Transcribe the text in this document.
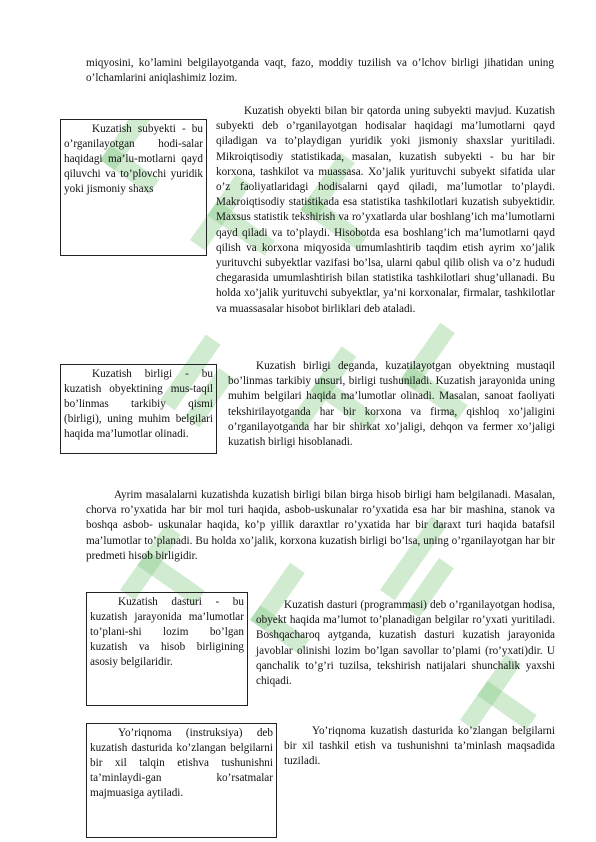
miqyosini, ko’lamini belgilayotganda vaqt, fazo, moddiy tuzilish va o’lchov birligi jihatidan uning o’lchamlarini aniqlashimiz lozim.

Kuzatish subyekti - bu o’rganilayotgan hodi-salar haqidagi ma’lu-motlarni qayd qiluvchi va to’plovchi yuridik yoki jismoniy shaxs

Kuzatish obyekti bilan bir qatorda uning subyekti mavjud. Kuzatish subyekti deb o’rganilayotgan hodisalar haqidagi ma’lumotlarni qayd qiladigan va to’playdigan yuridik yoki jismoniy shaxslar yuritiladi. Mikroiqtisodiy statistikada, masalan, kuzatish subyekti - bu har bir korxona, tashkilot va muassasa. Xo’jalik yurituvchi subyekt sifatida ular o’z faoliyatlaridagi hodisalarni qayd qiladi, ma’lumotlar to’playdi. Makroiqtisodiy statistikada esa statistika tashkilotlari kuzatish subyektidir. Maxsus statistik tekshirish va ro’yxatlarda ular boshlang’ich ma’lumotlarni qayd qiladi va to’playdi. Hisobotda esa boshlang’ich ma’lumotlarni qayd qilish va korxona miqyosida umumlashtirib taqdim etish ayrim xo’jalik yurituvchi subyektlar vazifasi bo’lsa, ularni qabul qilib olish va o’z hududi chegarasida umumlashtirish bilan statistika tashkilotlari shug’ullanadi. Bu holda xo’jalik yurituvchi subyektlar, ya’ni korxonalar, firmalar, tashkilotlar va muassasalar hisobot birliklari deb ataladi.

Kuzatish birligi - bu kuzatish obyektining mus-taqil bo’linmas tarkibiy qismi (birligi), uning muhim belgilari haqida ma’lumotlar olinadi.

Kuzatish birligi deganda, kuzatilayotgan obyektning mustaqil bo’linmas tarkibiy unsuri, birligi tushuniladi. Kuzatish jarayonida uning muhim belgilari haqida ma’lumotlar olinadi. Masalan, sanoat faoliyati tekshirilayotganda har bir korxona va firma, qishloq xo’jaligini o’rganilayotganda har bir shirkat xo’jaligi, dehqon va fermer xo’jaligi kuzatish birligi hisoblanadi.

Ayrim masalalarni kuzatishda kuzatish birligi bilan birga hisob birligi ham belgilanadi. Masalan, chorva ro’yxatida har bir mol turi haqida, asbob-uskunalar ro’yxatida esa har bir mashina, stanok va boshqa asbob- uskunalar haqida, ko’p yillik daraxtlar ro’yxatida har bir daraxt turi haqida batafsil ma’lumotlar to’planadi. Bu holda xo’jalik, korxona kuzatish birligi bo’lsa, uning o’rganilayotgan har bir predmeti hisob birligidir.

Kuzatish dasturi - bu kuzatish jarayonida ma’lumotlar to’plani-shi lozim bo’lgan kuzatish va hisob birligining asosiy belgilaridir.

Kuzatish dasturi (programmasi) deb o’rganilayotgan hodisa, obyekt haqida ma’lumot to’planadigan belgilar ro’yxati yuritiladi. Boshqacharoq aytganda, kuzatish dasturi kuzatish jarayonida javoblar olinishi lozim bo’lgan savollar to’plami (ro’yxati)dir. U qanchalik to’g’ri tuzilsa, tekshirish natijalari shunchalik yaxshi chiqadi.

Yo’riqnoma (instruksiya) deb kuzatish dasturida ko’zlangan belgilarni bir xil talqin etishva tushunishni ta’minlaydi-gan ko’rsatmalar majmuasiga aytiladi.

Yo’riqnoma kuzatish dasturida ko’zlangan belgilarni bir xil tashkil etish va tushunishni ta’minlash maqsadida tuziladi.
